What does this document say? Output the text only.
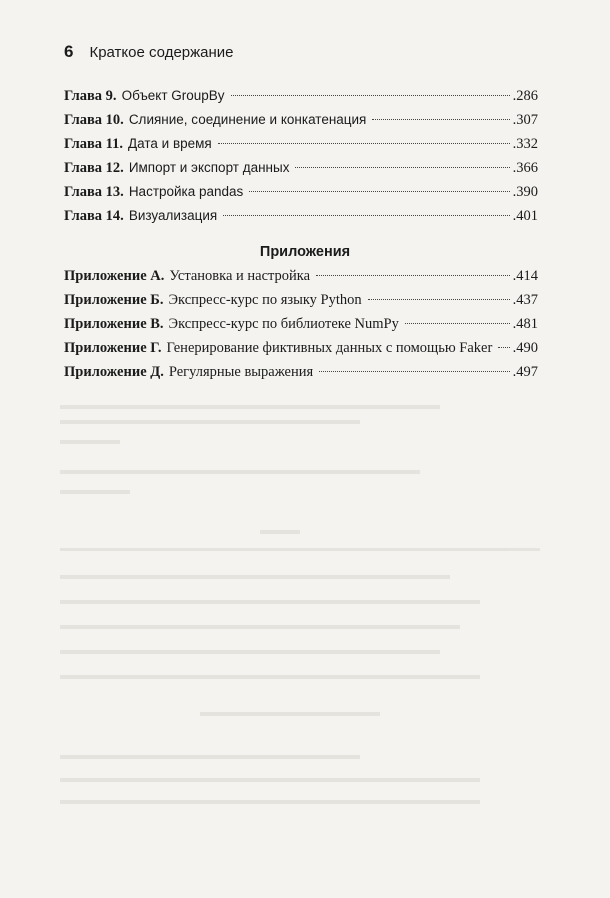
6 Краткое содержание
Глава 9. Объект GroupBy	.286
Глава 10. Слияние, соединение и конкатенация	.307
Глава 11. Дата и время	.332
Глава 12. Импорт и экспорт данных	.366
Глава 13. Настройка pandas	.390
Глава 14. Визуализация	.401
Приложения
Приложение А. Установка и настройка	.414
Приложение Б. Экспресс-курс по языку Python	.437
Приложение В. Экспресс-курс по библиотеке NumPy	.481
Приложение Г. Генерирование фиктивных данных с помощью Faker .490
Приложение Д. Регулярные выражения	.497
